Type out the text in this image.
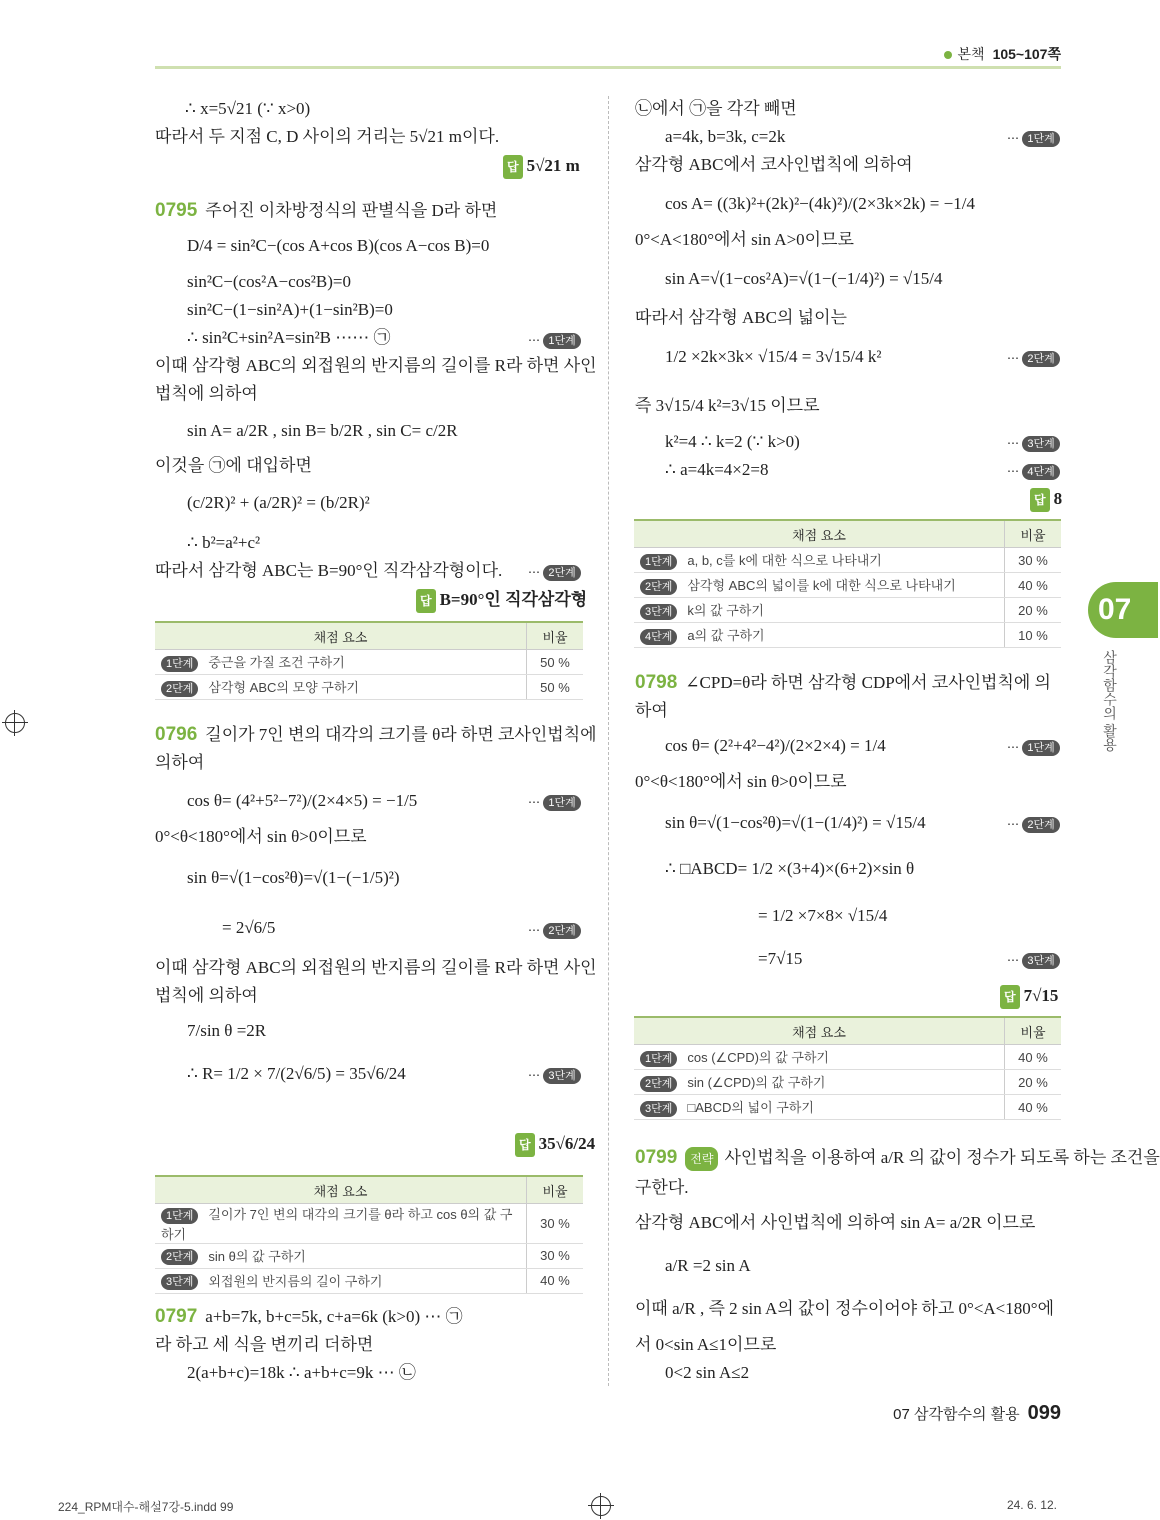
본책 105~107쪽
∴ x=5√21 (∵ x>0)
따라서 두 지점 C, D 사이의 거리는 5√21 m이다.
0795 주어진 이차방정식의 판별식을 D라 하면
D/4 = sin²C−(cos A+cos B)(cos A−cos B)=0
sin²C−(cos²A−cos²B)=0
sin²C−(1−sin²A)+(1−sin²B)=0
∴ sin²C+sin²A=sin²B ⋯⋯ ㉠
이때 삼각형 ABC의 외접원의 반지름의 길이를 R라 하면 사인
법칙에 의하여
sin A= a/2R , sin B= b/2R , sin C= c/2R
이것을 ㉠에 대입하면
(c/2R)² + (a/2R)² = (b/2R)²
∴ b²=a²+c²
따라서 삼각형 ABC는 B=90°인 직각삼각형이다.
0796 길이가 7인 변의 대각의 크기를 θ라 하면 코사인법칙에
의하여
cos θ= (4²+5²−7²)/(2×4×5) = −1/5
0°<θ<180°에서 sin θ>0이므로
sin θ=√(1−cos²θ)=√(1−(−1/5)²)
= 2√6/5
이때 삼각형 ABC의 외접원의 반지름의 길이를 R라 하면 사인
법칙에 의하여
7/sin θ =2R
∴ R= 1/2 × 7/(2√6/5) = 35√6/24
0797 a+b=7k, b+c=5k, c+a=6k (k>0) ⋯ ㉠
라 하고 세 식을 변끼리 더하면
2(a+b+c)=18k ∴ a+b+c=9k ⋯ ㉡
㉡에서 ㉠을 각각 빼면
a=4k, b=3k, c=2k
삼각형 ABC에서 코사인법칙에 의하여
cos A= ((3k)²+(2k)²−(4k)²)/(2×3k×2k) = −1/4
0°<A<180°에서 sin A>0이므로
sin A=√(1−cos²A)=√(1−(−1/4)²) = √15/4
따라서 삼각형 ABC의 넓이는
1/2 ×2k×3k× √15/4 = 3√15/4 k²
즉 3√15/4 k²=3√15 이므로
k²=4 ∴ k=2 (∵ k>0)
∴ a=4k=4×2=8
0798 ∠CPD=θ라 하면 삼각형 CDP에서 코사인법칙에 의
하여
cos θ= (2²+4²−4²)/(2×2×4) = 1/4
0°<θ<180°에서 sin θ>0이므로
sin θ=√(1−cos²θ)=√(1−(1/4)²) = √15/4
∴ □ABCD= 1/2 ×(3+4)×(6+2)×sin θ
= 1/2 ×7×8× √15/4
=7√15
0799 전략 사인법칙을 이용하여 a/R 의 값이 정수가 되도록 하는 조건을
구한다.
삼각형 ABC에서 사인법칙에 의하여 sin A= a/2R 이므로
a/R =2 sin A
이때 a/R , 즉 2 sin A의 값이 정수이어야 하고 0°<A<180°에
서 0<sin A≤1이므로
0<2 sin A≤2
⋯ 1단계
⋯ 2단계
⋯ 1단계
⋯ 2단계
⋯ 3단계
⋯ 1단계
⋯ 2단계
⋯ 3단계
⋯ 4단계
⋯ 1단계
⋯ 2단계
⋯ 3단계
답 5√21 m
답 B=90°인 직각삼각형
답 35√6/24
답 8
답 7√15
채점 요소	비율
1단계 중근을 가질 조건 구하기	50 %
2단계 삼각형 ABC의 모양 구하기	50 %
채점 요소	비율
1단계 길이가 7인 변의 대각의 크기를 θ라 하고 cos θ의 값 구하기	30 %
2단계 sin θ의 값 구하기	30 %
3단계 외접원의 반지름의 길이 구하기	40 %
채점 요소	비율
1단계 a, b, c를 k에 대한 식으로 나타내기	30 %
2단계 삼각형 ABC의 넓이를 k에 대한 식으로 나타내기	40 %
3단계 k의 값 구하기	20 %
4단계 a의 값 구하기	10 %
채점 요소	비율
1단계 cos (∠CPD)의 값 구하기	40 %
2단계 sin (∠CPD)의 값 구하기	20 %
3단계 □ABCD의 넓이 구하기	40 %
07
삼각함수의 활용
07 삼각함수의 활용 099
224_RPM대수-해설7강-5.indd 99	24. 6. 12.
